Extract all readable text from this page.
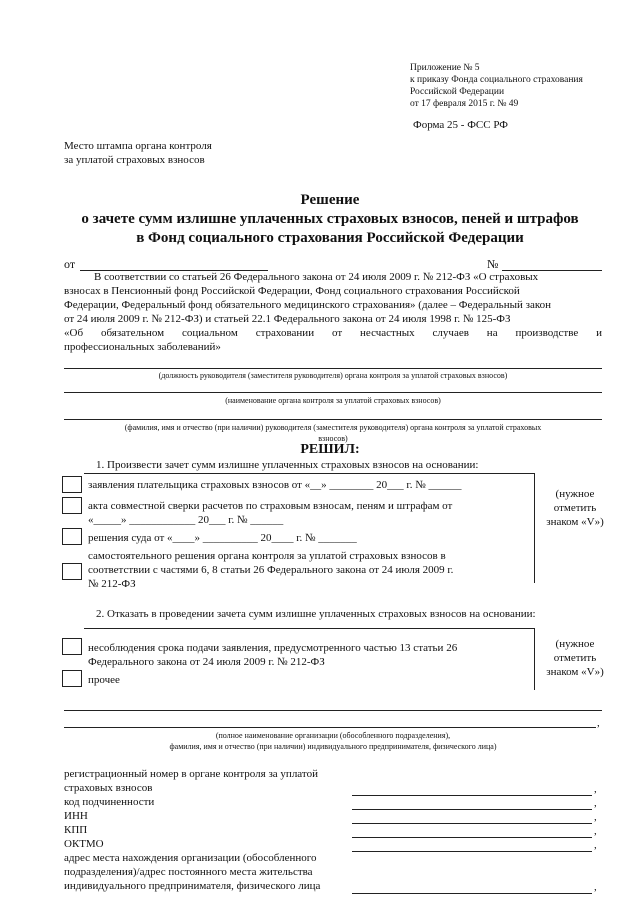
Приложение № 5
к приказу Фонда социального страхования
Российской Федерации
от 17 февраля 2015 г. № 49
Форма 25 - ФСС РФ
Место штампа органа контроля
за уплатой страховых взносов
Решение
о зачете сумм излишне уплаченных страховых взносов, пеней и штрафов
в Фонд социального страхования Российской Федерации
от	№
В соответствии со статьей 26 Федерального закона от 24 июля 2009 г. № 212-ФЗ «О страховых
взносах в Пенсионный фонд Российской Федерации, Фонд социального страхования Российской
Федерации, Федеральный фонд обязательного медицинского страхования» (далее – Федеральный закон
от 24 июля 2009 г. № 212-ФЗ) и статьей 22.1 Федерального закона от 24 июля 1998 г. № 125-ФЗ
«Об обязательном социальном страховании от несчастных случаев на производстве и
профессиональных заболеваний»
(должность руководителя (заместителя руководителя) органа контроля за уплатой страховых взносов)
(наименование органа контроля за уплатой страховых взносов)
(фамилия, имя и отчество (при наличии) руководителя (заместителя руководителя) органа контроля за уплатой страховых
взносов)
РЕШИЛ:
1. Произвести зачет сумм излишне уплаченных страховых взносов на основании:
заявления плательщика страховых взносов от «__» ________ 20___ г. № ______
акта совместной сверки расчетов по страховым взносам, пеням и штрафам от
«_____» ____________ 20___ г. № ______
решения суда от «____» __________ 20____ г. № _______
самостоятельного решения органа контроля за уплатой страховых взносов в
соответствии с частями 6, 8 статьи 26 Федерального закона от 24 июля 2009 г.
№ 212-ФЗ
(нужное
отметить
знаком «V»)
2. Отказать в проведении зачета сумм излишне уплаченных страховых взносов на основании:
несоблюдения срока подачи заявления, предусмотренного частью 13 статьи 26
Федерального закона от 24 июля 2009 г. № 212-ФЗ
прочее
(нужное
отметить
знаком «V»)
,
(полное наименование организации (обособленного подразделения),
фамилия, имя и отчество (при наличии) индивидуального предпринимателя, физического лица)
регистрационный номер в органе контроля за уплатой
страховых взносов
код подчиненности
ИНН
КПП
ОКТМО
адрес места нахождения организации (обособленного
подразделения)/адрес постоянного места жительства
индивидуального предпринимателя, физического лица
,
,
,
,
,
,
